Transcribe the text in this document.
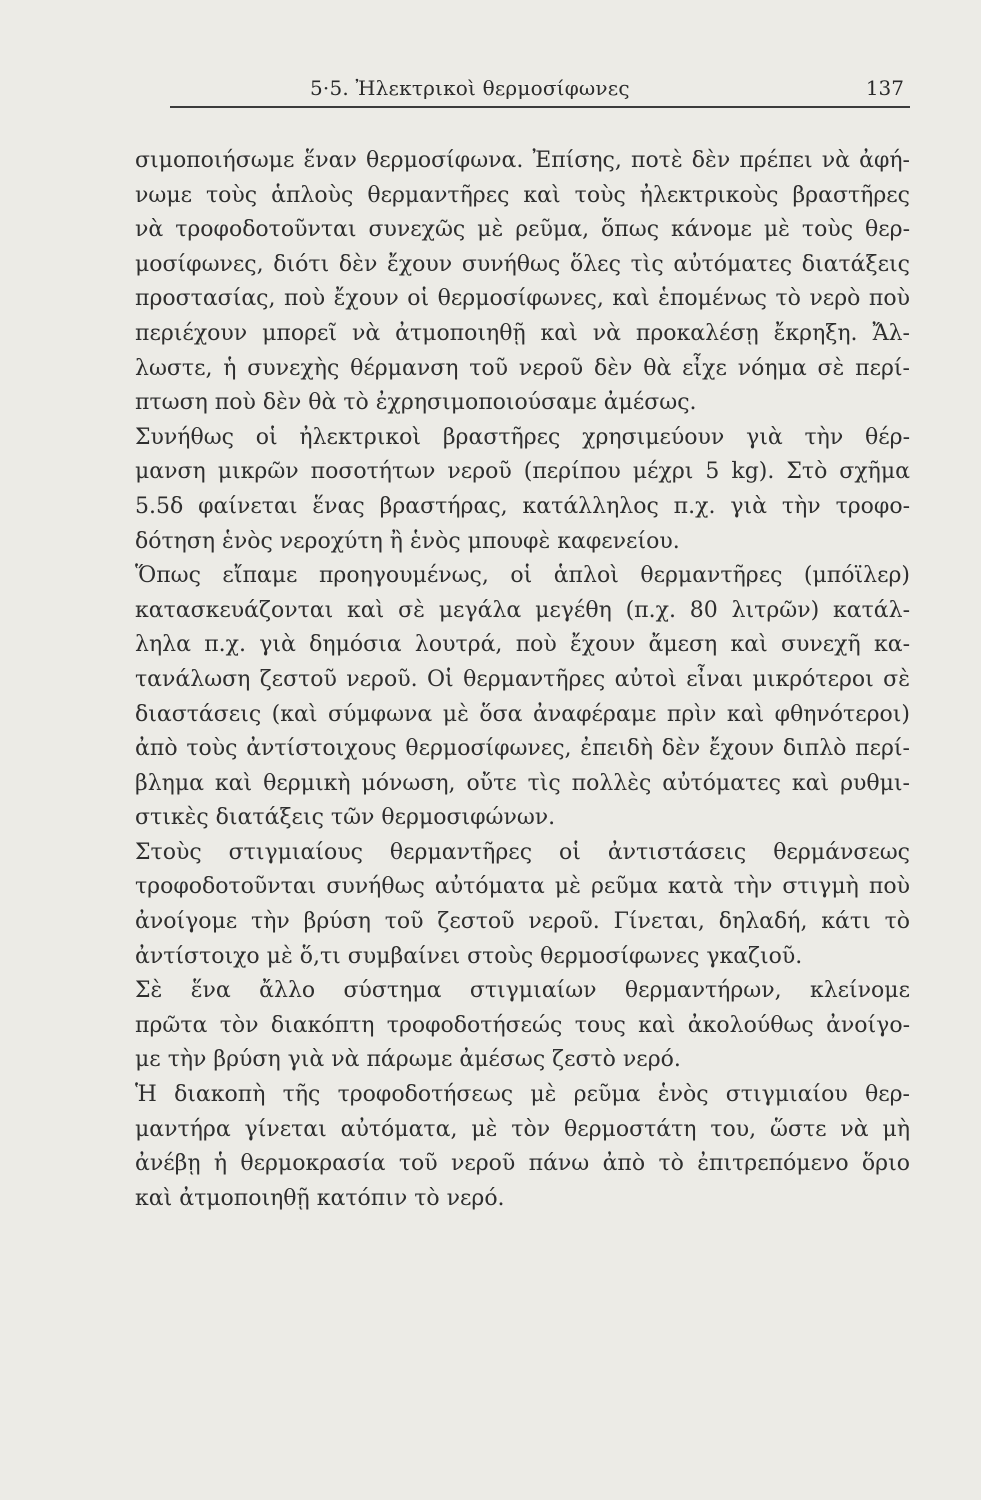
5·5. Ἠλεκτρικοὶ θερμοσίφωνες	137
σιμοποιήσωμε ἕναν θερμοσίφωνα. Ἐπίσης, ποτὲ δὲν πρέπει νὰ ἀφή-
νωμε τοὺς ἁπλοὺς θερμαντῆρες καὶ τοὺς ἠλεκτρικοὺς βραστῆρες
νὰ τροφοδοτοῦνται συνεχῶς μὲ ρεῦμα, ὅπως κάνομε μὲ τοὺς θερ-
μοσίφωνες, διότι δὲν ἔχουν συνήθως ὅλες τὶς αὐτόματες διατάξεις
προστασίας, ποὺ ἔχουν οἱ θερμοσίφωνες, καὶ ἑπομένως τὸ νερὸ ποὺ
περιέχουν μπορεῖ νὰ ἀτμοποιηθῇ καὶ νὰ προκαλέσῃ ἔκρηξη. Ἄλ-
λωστε, ἡ συνεχὴς θέρμανση τοῦ νεροῦ δὲν θὰ εἶχε νόημα σὲ περί-
πτωση ποὺ δὲν θὰ τὸ ἐχρησιμοποιούσαμε ἀμέσως.
Συνήθως οἱ ἠλεκτρικοὶ βραστῆρες χρησιμεύουν γιὰ τὴν θέρ-
μανση μικρῶν ποσοτήτων νεροῦ (περίπου μέχρι 5 kg). Στὸ σχῆμα
5.5δ φαίνεται ἕνας βραστήρας, κατάλληλος π.χ. γιὰ τὴν τροφο-
δότηση ἑνὸς νεροχύτη ἢ ἑνὸς μπουφὲ καφενείου.
Ὅπως εἴπαμε προηγουμένως, οἱ ἁπλοὶ θερμαντῆρες (μπόϊλερ)
κατασκευάζονται καὶ σὲ μεγάλα μεγέθη (π.χ. 80 λιτρῶν) κατάλ-
ληλα π.χ. γιὰ δημόσια λουτρά, ποὺ ἔχουν ἄμεση καὶ συνεχῆ κα-
τανάλωση ζεστοῦ νεροῦ. Οἱ θερμαντῆρες αὐτοὶ εἶναι μικρότεροι σὲ
διαστάσεις (καὶ σύμφωνα μὲ ὅσα ἀναφέραμε πρὶν καὶ φθηνότεροι)
ἀπὸ τοὺς ἀντίστοιχους θερμοσίφωνες, ἐπειδὴ δὲν ἔχουν διπλὸ περί-
βλημα καὶ θερμικὴ μόνωση, οὔτε τὶς πολλὲς αὐτόματες καὶ ρυθμι-
στικὲς διατάξεις τῶν θερμοσιφώνων.
Στοὺς στιγμιαίους θερμαντῆρες οἱ ἀντιστάσεις θερμάνσεως
τροφοδοτοῦνται συνήθως αὐτόματα μὲ ρεῦμα κατὰ τὴν στιγμὴ ποὺ
ἀνοίγομε τὴν βρύση τοῦ ζεστοῦ νεροῦ. Γίνεται, δηλαδή, κάτι τὸ
ἀντίστοιχο μὲ ὅ,τι συμβαίνει στοὺς θερμοσίφωνες γκαζιοῦ.
Σὲ ἕνα ἄλλο σύστημα στιγμιαίων θερμαντήρων, κλείνομε
πρῶτα τὸν διακόπτη τροφοδοτήσεώς τους καὶ ἀκολούθως ἀνοίγο-
με τὴν βρύση γιὰ νὰ πάρωμε ἀμέσως ζεστὸ νερό.
Ἡ διακοπὴ τῆς τροφοδοτήσεως μὲ ρεῦμα ἑνὸς στιγμιαίου θερ-
μαντήρα γίνεται αὐτόματα, μὲ τὸν θερμοστάτη του, ὥστε νὰ μὴ
ἀνέβῃ ἡ θερμοκρασία τοῦ νεροῦ πάνω ἀπὸ τὸ ἐπιτρεπόμενο ὅριο
καὶ ἀτμοποιηθῇ κατόπιν τὸ νερό.
